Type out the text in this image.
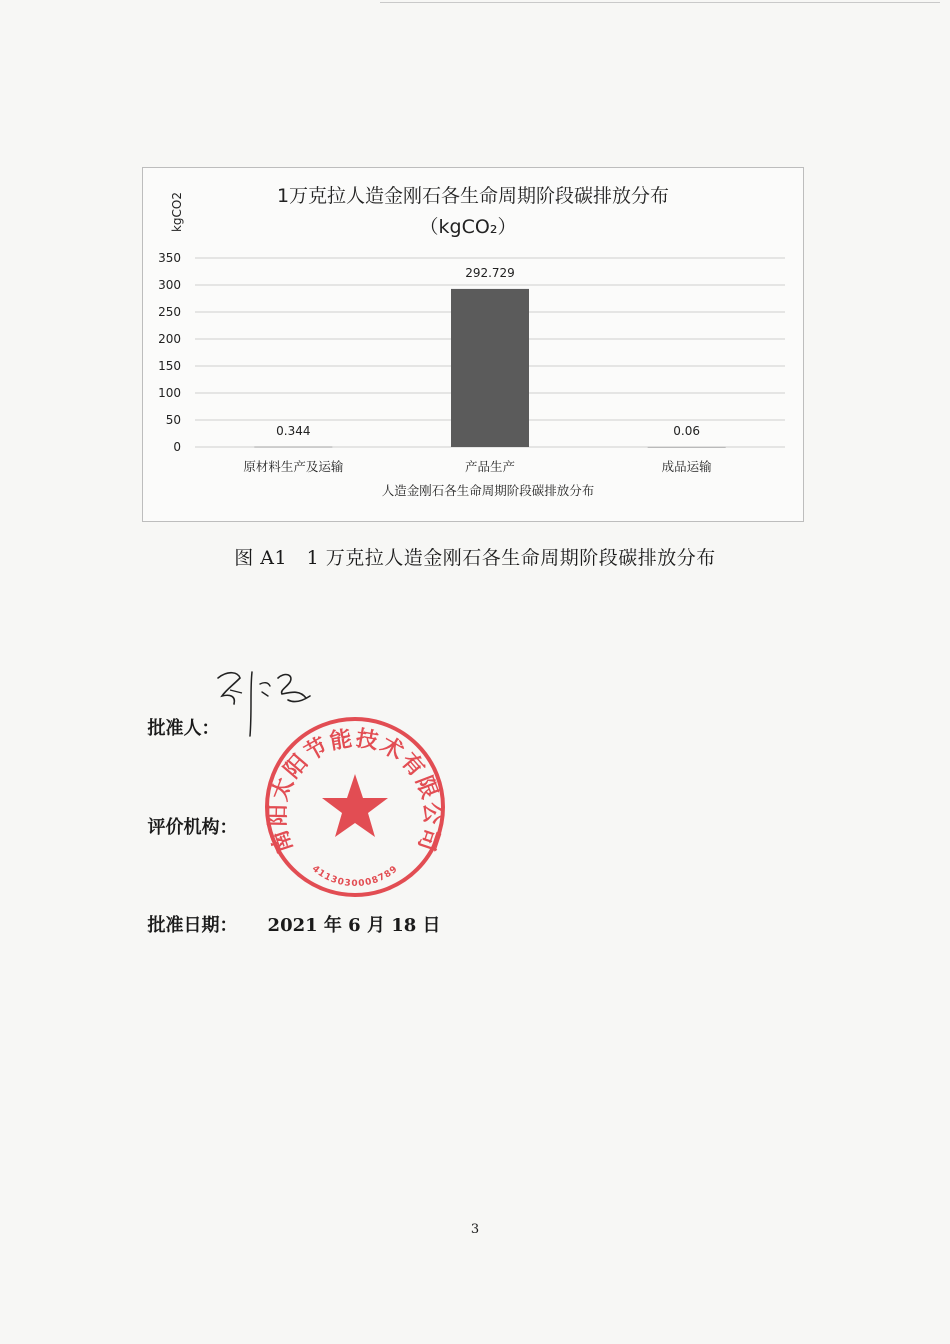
0
50
100
150
200
250
300
350
0.344
292.729
0.06
原材料生产及运输	产品生产	成品运输
1万克拉人造金刚石各生命周期阶段碳排放分布
（kgCO₂）
kgCO2
人造金刚石各生命周期阶段碳排放分布
图 A1　1 万克拉人造金刚石各生命周期阶段碳排放分布

批准人：

评价机构： 南阳太阳节能技术有限公司
4113030008789

批准日期： 2021 年 6 月 18 日

3
